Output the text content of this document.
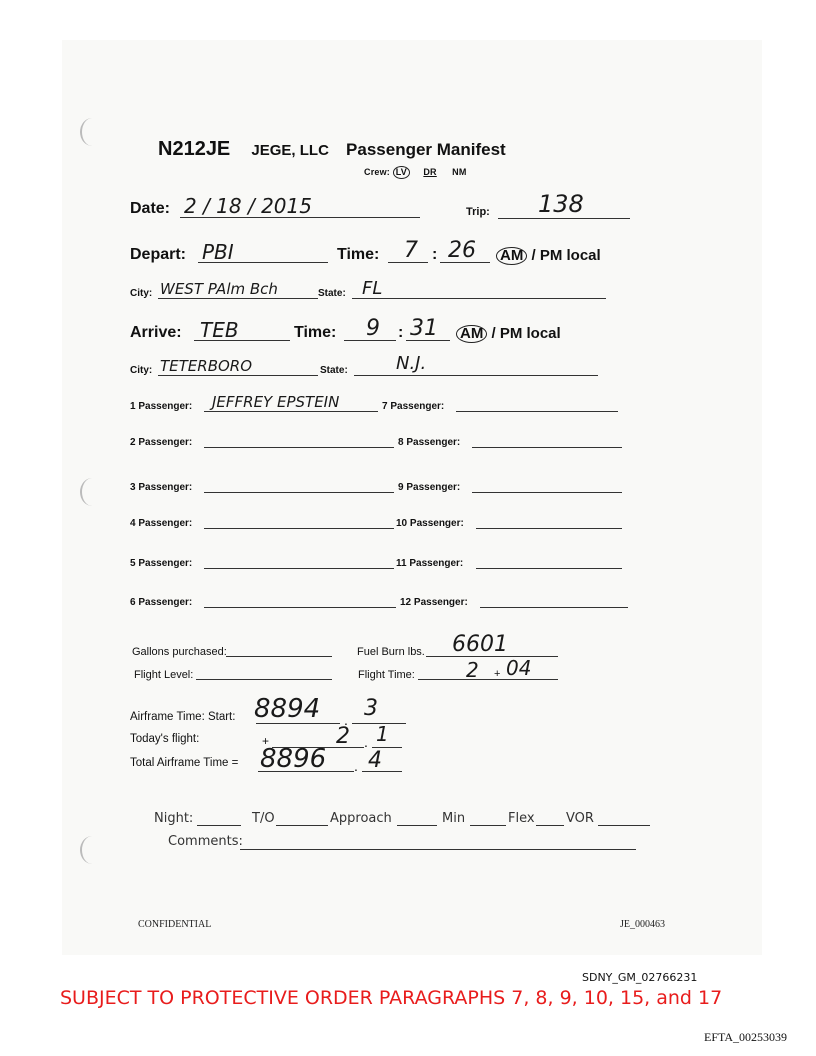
N212JE JEGE, LLC Passenger Manifest
Crew: LV DR NM
Date: 2 / 18 / 2015	Trip: 138
Depart: PBI	Time: 7 : 26 AM / PM local
City: WEST PAlm Bch	State: FL
Arrive: TEB	Time: 9 : 31 AM / PM local
City: TETERBORO	State:	N.J.
1 Passenger: JEFFREY EPSTEIN
2 Passenger:
3 Passenger:
4 Passenger:
5 Passenger:
6 Passenger:
7 Passenger:
8 Passenger:
9 Passenger:
10 Passenger:
11 Passenger:
12 Passenger:
Gallons purchased:	Fuel Burn lbs. 6601
Flight Level:	Flight Time:	2 + 04
Airframe Time: Start: 8894 . 3
Today's flight:	+	2 . 1
Total Airframe Time = 8896 . 4
Night:	T/O	Approach	Min	Flex VOR
Comments:
CONFIDENTIAL	JE_000463
SDNY_GM_02766231
SUBJECT TO PROTECTIVE ORDER PARAGRAPHS 7, 8, 9, 10, 15, and 17
EFTA_00253039
